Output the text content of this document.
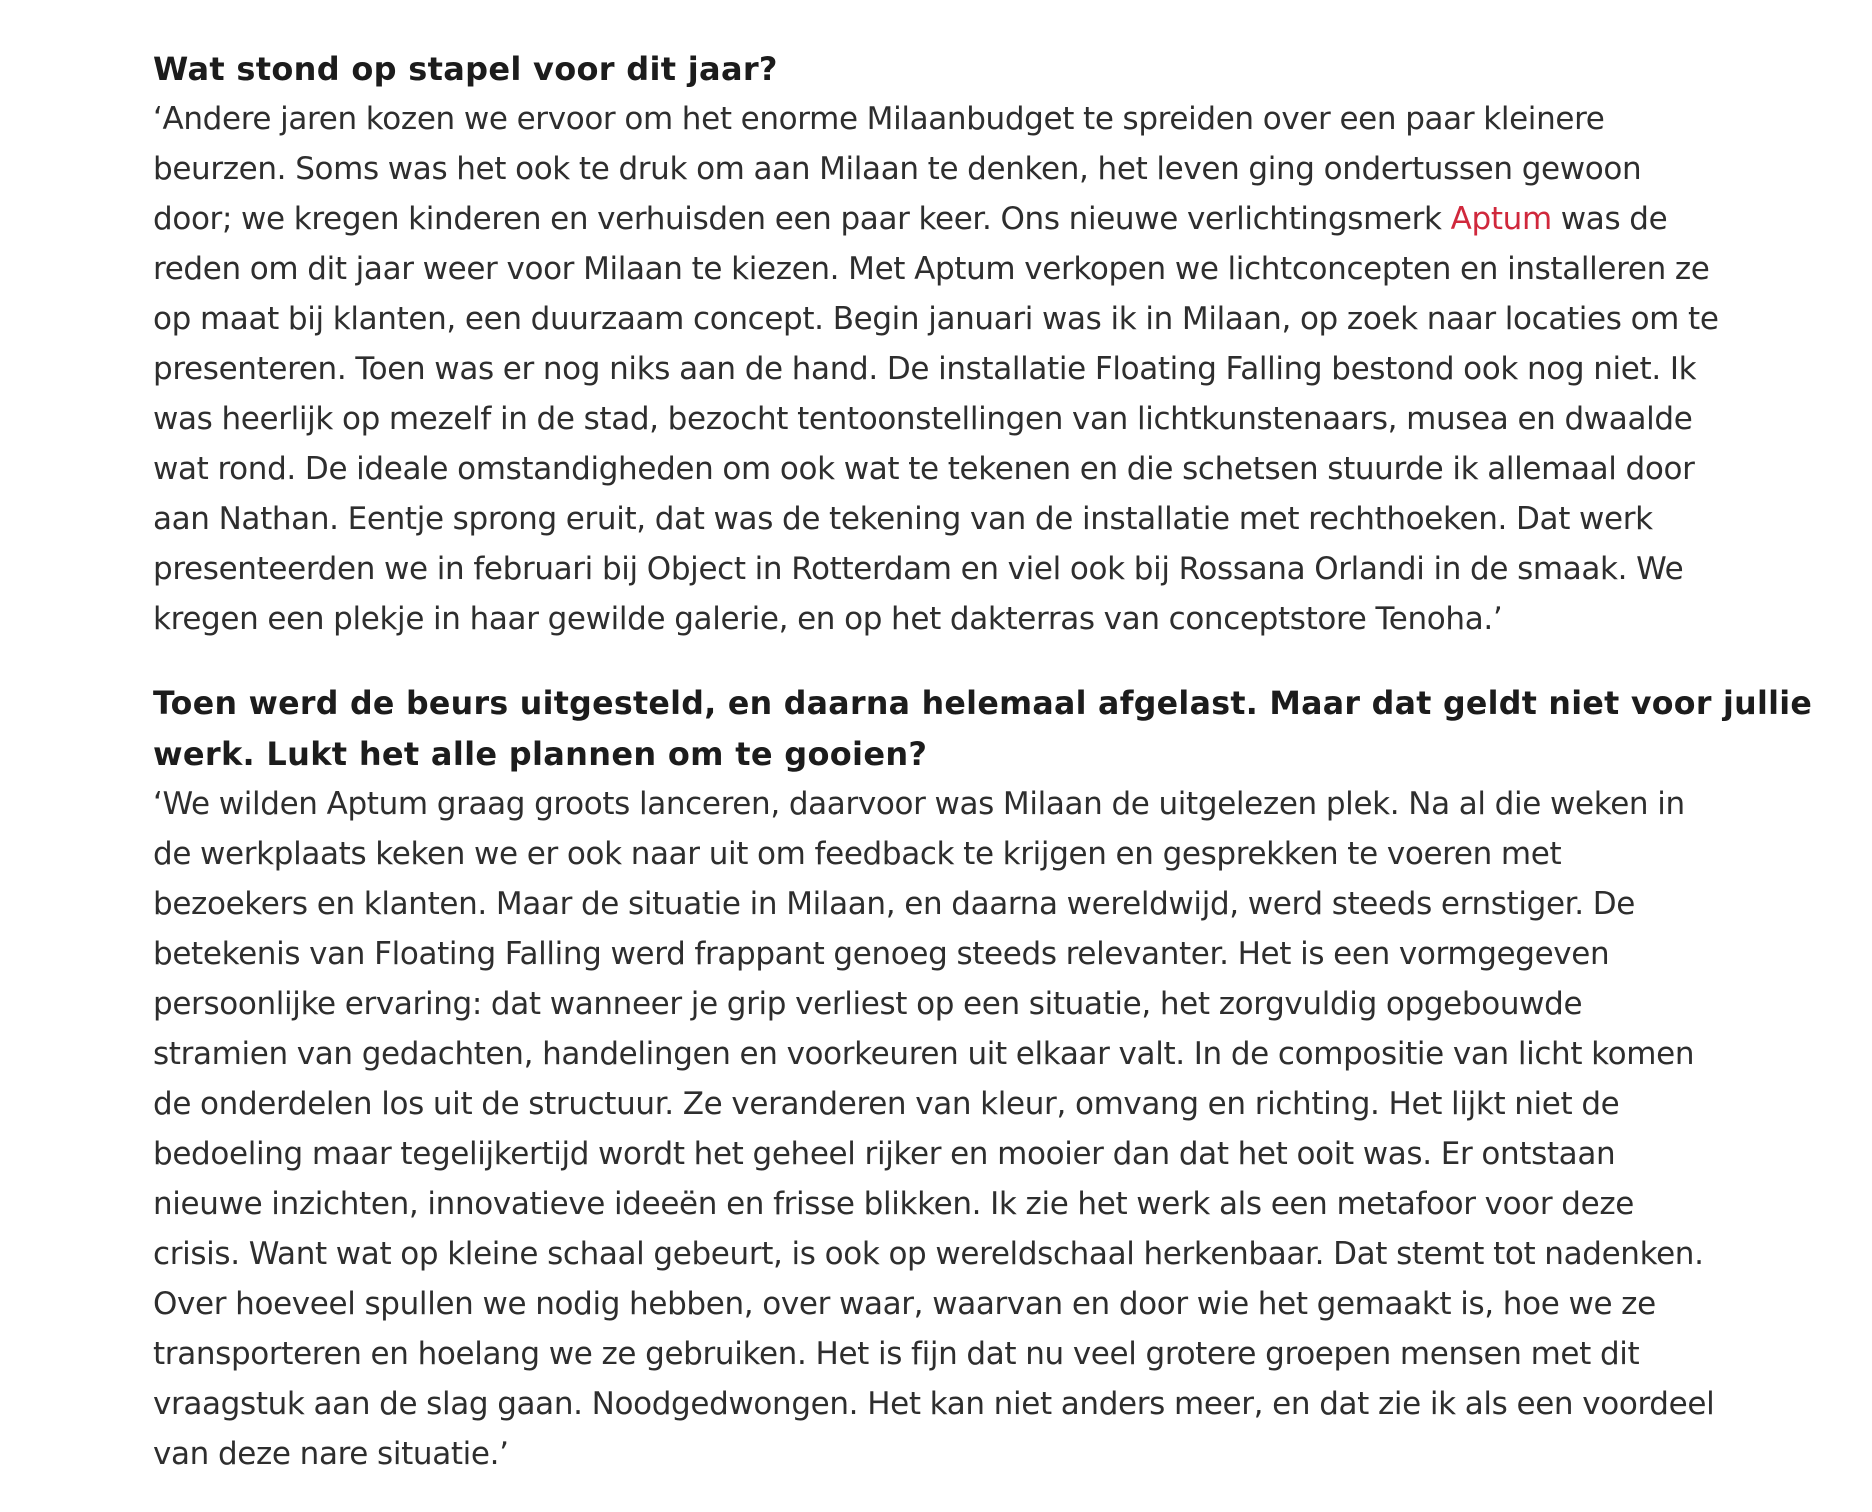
Wat stond op stapel voor dit jaar?

‘Andere jaren kozen we ervoor om het enorme Milaanbudget te spreiden over een paar kleinere
beurzen. Soms was het ook te druk om aan Milaan te denken, het leven ging ondertussen gewoon
door; we kregen kinderen en verhuisden een paar keer. Ons nieuwe verlichtingsmerk Aptum was de
reden om dit jaar weer voor Milaan te kiezen. Met Aptum verkopen we lichtconcepten en installeren ze
op maat bij klanten, een duurzaam concept. Begin januari was ik in Milaan, op zoek naar locaties om te
presenteren. Toen was er nog niks aan de hand. De installatie Floating Falling bestond ook nog niet. Ik
was heerlijk op mezelf in de stad, bezocht tentoonstellingen van lichtkunstenaars, musea en dwaalde
wat rond. De ideale omstandigheden om ook wat te tekenen en die schetsen stuurde ik allemaal door
aan Nathan. Eentje sprong eruit, dat was de tekening van de installatie met rechthoeken. Dat werk
presenteerden we in februari bij Object in Rotterdam en viel ook bij Rossana Orlandi in de smaak. We
kregen een plekje in haar gewilde galerie, en op het dakterras van conceptstore Tenoha.’

Toen werd de beurs uitgesteld, en daarna helemaal afgelast. Maar dat geldt niet voor jullie
werk. Lukt het alle plannen om te gooien?

‘We wilden Aptum graag groots lanceren, daarvoor was Milaan de uitgelezen plek. Na al die weken in
de werkplaats keken we er ook naar uit om feedback te krijgen en gesprekken te voeren met
bezoekers en klanten. Maar de situatie in Milaan, en daarna wereldwijd, werd steeds ernstiger. De
betekenis van Floating Falling werd frappant genoeg steeds relevanter. Het is een vormgegeven
persoonlijke ervaring: dat wanneer je grip verliest op een situatie, het zorgvuldig opgebouwde
stramien van gedachten, handelingen en voorkeuren uit elkaar valt. In de compositie van licht komen
de onderdelen los uit de structuur. Ze veranderen van kleur, omvang en richting. Het lijkt niet de
bedoeling maar tegelijkertijd wordt het geheel rijker en mooier dan dat het ooit was. Er ontstaan
nieuwe inzichten, innovatieve ideeën en frisse blikken. Ik zie het werk als een metafoor voor deze
crisis. Want wat op kleine schaal gebeurt, is ook op wereldschaal herkenbaar. Dat stemt tot nadenken.
Over hoeveel spullen we nodig hebben, over waar, waarvan en door wie het gemaakt is, hoe we ze
transporteren en hoelang we ze gebruiken. Het is fijn dat nu veel grotere groepen mensen met dit
vraagstuk aan de slag gaan. Noodgedwongen. Het kan niet anders meer, en dat zie ik als een voordeel
van deze nare situatie.’
